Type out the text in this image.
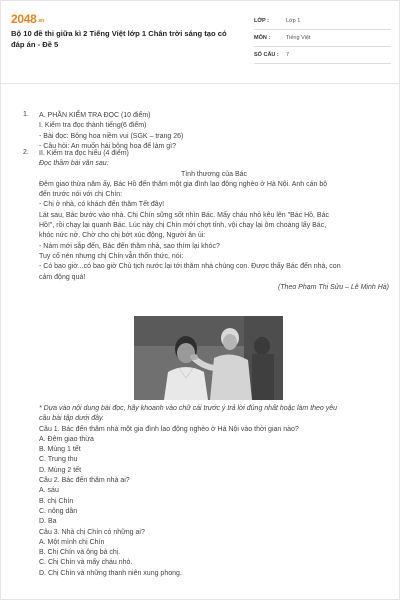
2048.vn
Bộ 10 đề thi giữa kì 2 Tiếng Việt lớp 1 Chân trời sáng tạo có đáp án - Đề 5
LỚP :	Lớp 1
MÔN :	Tiếng Việt
SỐ CÂU : 7
1. A. PHẦN KIỂM TRA ĐỌC (10 điểm)

I. Kiểm tra đọc thành tiếng(6 điểm)

- Bài đọc: Bông hoa niềm vui (SGK – trang 26)

- Câu hỏi: An muốn hái bông hoa để làm gì?

2. II. Kiểm tra đọc hiểu (4 điểm)

Đọc thầm bài văn sau:

Tình thương của Bác

Đêm giao thừa năm ấy, Bác Hồ đến thăm một gia đình lao động nghèo ở Hà Nội. Anh cán bộ

đến trước nói với chị Chín:

- Chị ở nhà, có khách đến thăm Tết đây!

Lát sau, Bác bước vào nhà. Chị Chín sững sốt nhìn Bác. Mấy cháu nhỏ kêu lên "Bác Hồ, Bác

Hồ!", rồi chạy lại quanh Bác. Lúc này chị Chín mới chợt tỉnh, vội chạy lại ôm choàng lấy Bác,

khóc nức nở. Chờ cho chị bớt xúc động, Người ân ủi:

- Nám mới sắp đến, Bác đến thăm nhà, sao thím lại khóc?

Tuy cố nén nhưng chị Chín vẫn thổn thức, nói:

- Có bao giờ...có bao giờ Chủ tịch nước lại tới thăm nhà chúng con. Được thấy Bác đến nhà, con

cảm động quá!

(Theo Phạm Thị Sửu – Lê Minh Hà)

* Dựa vào nội dung bài đọc, hãy khoanh vào chữ cái trước ý trả lời đúng nhất hoặc làm theo yêu

cầu bài tập dưới đây.

Câu 1. Bác đến thăm nhà một gia đình lao động nghèo ở Hà Nội vào thời gian nào?

A. Đêm giao thừa

B. Mùng 1 tết

C. Trung thu

D. Mùng 2 tết

Câu 2. Bác đến thăm nhà ai?

A. sáu

B. chị Chín

C. nông dân

D. Ba

Câu 3. Nhà chị Chín có những ai?

A. Một mình chị Chín

B. Chị Chín và ông bà chị.

C. Chị Chín và mấy cháu nhỏ.

D. Chị Chín và những thanh niên xung phong.
